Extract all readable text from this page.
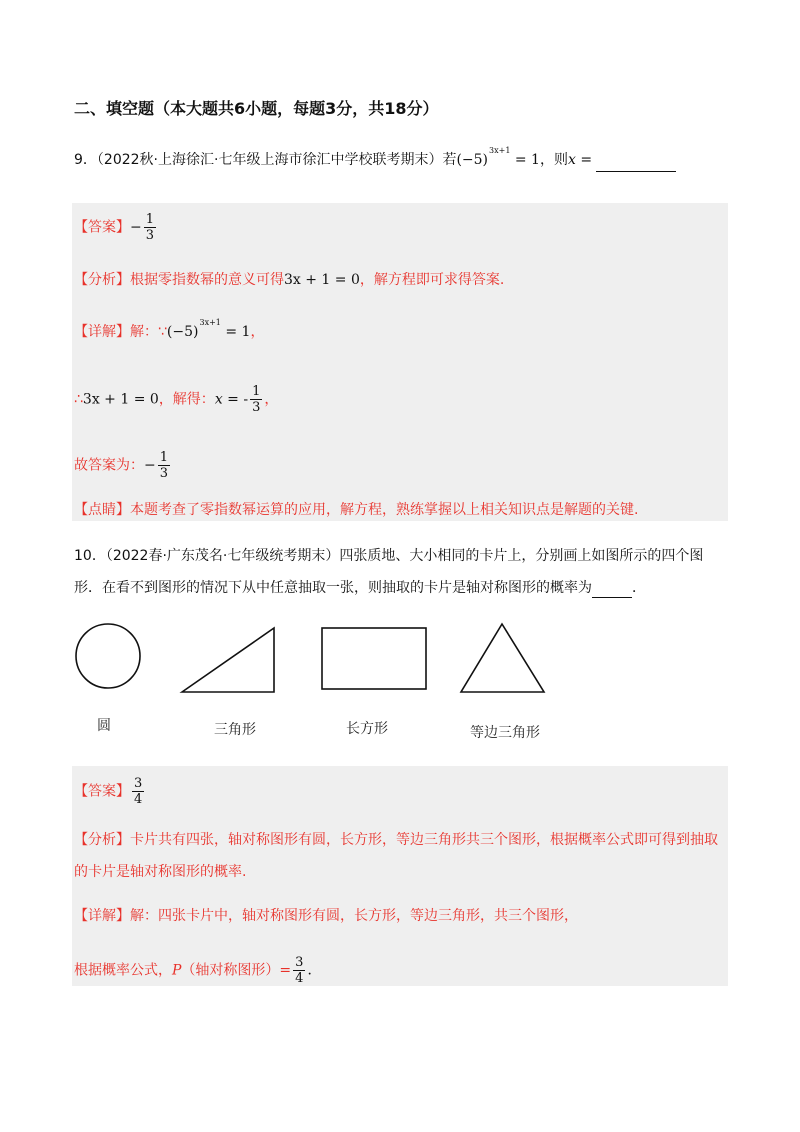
二、填空题（本大题共6小题，每题3分，共18分）
9．（2022秋·上海徐汇·七年级上海市徐汇中学校联考期末）若$(-5)^{3x+1} = 1$，则x =
【答案】− $\frac{1}{3}$
【分析】根据零指数幂的意义可得3x + 1 = 0，解方程即可求得答案.
【详解】解：$\because(-5)^{3x+1} = 1$，
∴3x + 1 = 0，解得：x = - $\frac{1}{3}$ ，
故答案为：− $\frac{1}{3}$
【点睛】本题考查了零指数幂运算的应用，解方程，熟练掌握以上相关知识点是解题的关键.
10．（2022春·广东茂名·七年级统考期末）四张质地、大小相同的卡片上，分别画上如图所示的四个图
形．在看不到图形的情况下从中任意抽取一张，则抽取的卡片是轴对称图形的概率为	．
圆	三角形	长方形	等边三角形
【答案】 $\frac{3}{4}$
【分析】卡片共有四张，轴对称图形有圆，长方形，等边三角形共三个图形，根据概率公式即可得到抽取
的卡片是轴对称图形的概率.
【详解】解：四张卡片中，轴对称图形有圆，长方形，等边三角形，共三个图形，
根据概率公式，P（轴对称图形）= $\frac{3}{4}$ ．
